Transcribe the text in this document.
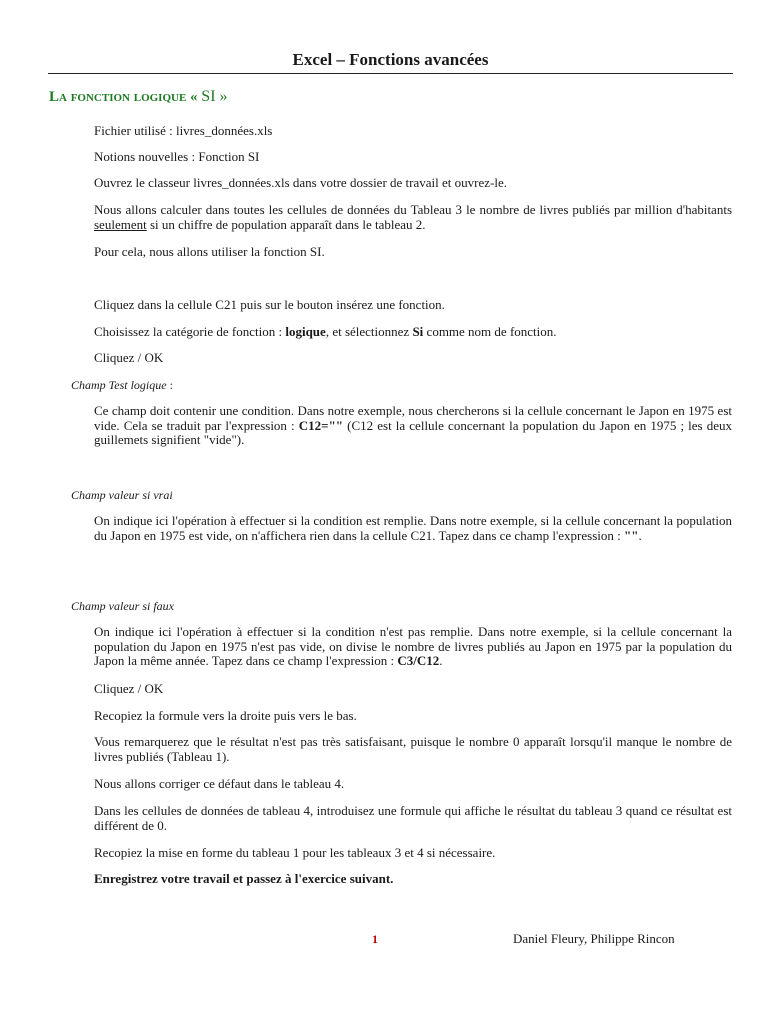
Excel – Fonctions avancées
La fonction logique « SI »

Fichier utilisé : livres_données.xls

Notions nouvelles : Fonction SI

Ouvrez le classeur livres_données.xls dans votre dossier de travail et ouvrez-le.

Nous allons calculer dans toutes les cellules de données du Tableau 3 le nombre de livres publiés par million d'habitants seulement si un chiffre de population apparaît dans le tableau 2.

Pour cela, nous allons utiliser la fonction SI.

Cliquez dans la cellule C21 puis sur le bouton insérez une fonction.

Choisissez la catégorie de fonction : logique, et sélectionnez Si comme nom de fonction.

Cliquez / OK

Champ Test logique :

Ce champ doit contenir une condition. Dans notre exemple, nous chercherons si la cellule concernant le Japon en 1975 est vide. Cela se traduit par l'expression : C12="" (C12 est la cellule concernant la population du Japon en 1975 ; les deux guillemets signifient "vide").

Champ valeur si vrai

On indique ici l'opération à effectuer si la condition est remplie. Dans notre exemple, si la cellule concernant la population du Japon en 1975 est vide, on n'affichera rien dans la cellule C21. Tapez dans ce champ l'expression : "".

Champ valeur si faux

On indique ici l'opération à effectuer si la condition n'est pas remplie. Dans notre exemple, si la cellule concernant la population du Japon en 1975 n'est pas vide, on divise le nombre de livres publiés au Japon en 1975 par la population du Japon la même année. Tapez dans ce champ l'expression : C3/C12.

Cliquez / OK

Recopiez la formule vers la droite puis vers le bas.

Vous remarquerez que le résultat n'est pas très satisfaisant, puisque le nombre 0 apparaît lorsqu'il manque le nombre de livres publiés (Tableau 1).

Nous allons corriger ce défaut dans le tableau 4.

Dans les cellules de données de tableau 4, introduisez une formule qui affiche le résultat du tableau 3 quand ce résultat est différent de 0.

Recopiez la mise en forme du tableau 1 pour les tableaux 3 et 4 si nécessaire.

Enregistrez votre travail et passez à l'exercice suivant.

1	Daniel Fleury, Philippe Rincon
